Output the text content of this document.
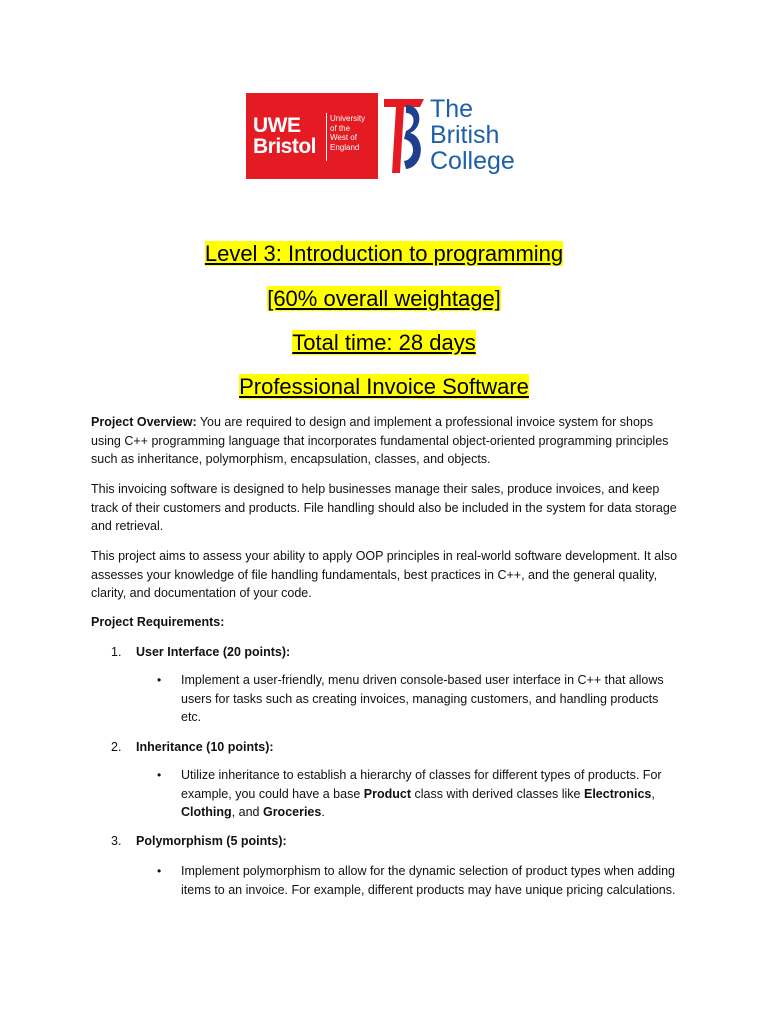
UWE
Bristol
University
of the
West of
England
The
British
College
Level 3: Introduction to programming
[60% overall weightage]
Total time: 28 days
Professional Invoice Software
Project Overview: You are required to design and implement a professional invoice system for shops using C++ programming language that incorporates fundamental object-oriented programming principles such as inheritance, polymorphism, encapsulation, classes, and objects.
This invoicing software is designed to help businesses manage their sales, produce invoices, and keep track of their customers and products. File handling should also be included in the system for data storage and retrieval.
This project aims to assess your ability to apply OOP principles in real-world software development. It also assesses your knowledge of file handling fundamentals, best practices in C++, and the general quality, clarity, and documentation of your code.
Project Requirements:
1. User Interface (20 points):
• Implement a user-friendly, menu driven console-based user interface in C++ that allows users for tasks such as creating invoices, managing customers, and handling products etc.
2. Inheritance (10 points):
• Utilize inheritance to establish a hierarchy of classes for different types of products. For example, you could have a base Product class with derived classes like Electronics,
Clothing, and Groceries.
3. Polymorphism (5 points):
• Implement polymorphism to allow for the dynamic selection of product types when adding items to an invoice. For example, different products may have unique pricing calculations.
